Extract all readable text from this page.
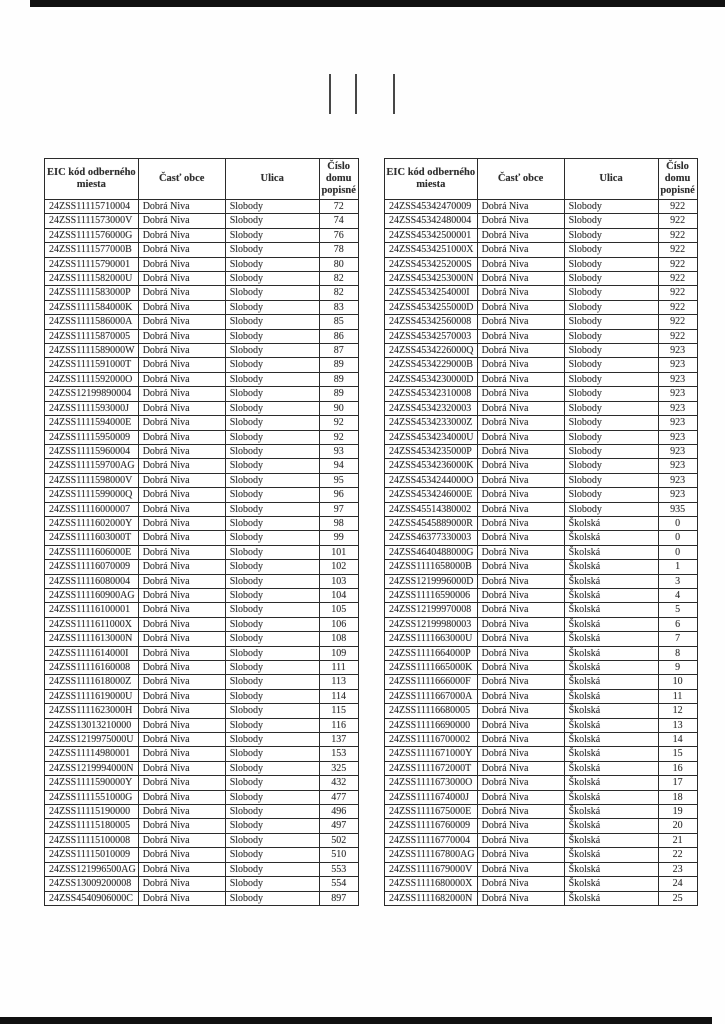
EIC kód odberného miesta	Časť obce	Ulica	Číslo domu popisné
24ZSS11115710004	Dobrá Niva	Slobody	72
24ZSS1111573000V	Dobrá Niva	Slobody	74
24ZSS1111576000G	Dobrá Niva	Slobody	76
24ZSS1111577000B	Dobrá Niva	Slobody	78
24ZSS11115790001	Dobrá Niva	Slobody	80
24ZSS1111582000U	Dobrá Niva	Slobody	82
24ZSS1111583000P	Dobrá Niva	Slobody	82
24ZSS1111584000K	Dobrá Niva	Slobody	83
24ZSS1111586000A	Dobrá Niva	Slobody	85
24ZSS11115870005	Dobrá Niva	Slobody	86
24ZSS1111589000W	Dobrá Niva	Slobody	87
24ZSS1111591000T	Dobrá Niva	Slobody	89
24ZSS1111592000O	Dobrá Niva	Slobody	89
24ZSS12199890004	Dobrá Niva	Slobody	89
24ZSS1111593000J	Dobrá Niva	Slobody	90
24ZSS1111594000E	Dobrá Niva	Slobody	92
24ZSS11115950009	Dobrá Niva	Slobody	92
24ZSS11115960004	Dobrá Niva	Slobody	93
24ZSS111159700AG	Dobrá Niva	Slobody	94
24ZSS1111598000V	Dobrá Niva	Slobody	95
24ZSS1111599000Q	Dobrá Niva	Slobody	96
24ZSS11116000007	Dobrá Niva	Slobody	97
24ZSS1111602000Y	Dobrá Niva	Slobody	98
24ZSS1111603000T	Dobrá Niva	Slobody	99
24ZSS1111606000E	Dobrá Niva	Slobody	101
24ZSS11116070009	Dobrá Niva	Slobody	102
24ZSS11116080004	Dobrá Niva	Slobody	103
24ZSS111160900AG	Dobrá Niva	Slobody	104
24ZSS11116100001	Dobrá Niva	Slobody	105
24ZSS1111611000X	Dobrá Niva	Slobody	106
24ZSS1111613000N	Dobrá Niva	Slobody	108
24ZSS1111614000I	Dobrá Niva	Slobody	109
24ZSS11116160008	Dobrá Niva	Slobody	111
24ZSS1111618000Z	Dobrá Niva	Slobody	113
24ZSS1111619000U	Dobrá Niva	Slobody	114
24ZSS1111623000H	Dobrá Niva	Slobody	115
24ZSS13013210000	Dobrá Niva	Slobody	116
24ZSS1219975000U	Dobrá Niva	Slobody	137
24ZSS11114980001	Dobrá Niva	Slobody	153
24ZSS1219994000N	Dobrá Niva	Slobody	325
24ZSS1111590000Y	Dobrá Niva	Slobody	432
24ZSS1111551000G	Dobrá Niva	Slobody	477
24ZSS11115190000	Dobrá Niva	Slobody	496
24ZSS11115180005	Dobrá Niva	Slobody	497
24ZSS11115100008	Dobrá Niva	Slobody	502
24ZSS11115010009	Dobrá Niva	Slobody	510
24ZSS121996500AG	Dobrá Niva	Slobody	553
24ZSS13009200008	Dobrá Niva	Slobody	554
24ZSS4540906000C	Dobrá Niva	Slobody	897
EIC kód odberného miesta	Časť obce	Ulica	Číslo domu popisné
24ZSS45342470009	Dobrá Niva	Slobody	922
24ZSS45342480004	Dobrá Niva	Slobody	922
24ZSS45342500001	Dobrá Niva	Slobody	922
24ZSS4534251000X	Dobrá Niva	Slobody	922
24ZSS4534252000S	Dobrá Niva	Slobody	922
24ZSS4534253000N	Dobrá Niva	Slobody	922
24ZSS4534254000I	Dobrá Niva	Slobody	922
24ZSS4534255000D	Dobrá Niva	Slobody	922
24ZSS45342560008	Dobrá Niva	Slobody	922
24ZSS45342570003	Dobrá Niva	Slobody	922
24ZSS4534226000Q	Dobrá Niva	Slobody	923
24ZSS4534229000B	Dobrá Niva	Slobody	923
24ZSS4534230000D	Dobrá Niva	Slobody	923
24ZSS45342310008	Dobrá Niva	Slobody	923
24ZSS45342320003	Dobrá Niva	Slobody	923
24ZSS4534233000Z	Dobrá Niva	Slobody	923
24ZSS4534234000U	Dobrá Niva	Slobody	923
24ZSS4534235000P	Dobrá Niva	Slobody	923
24ZSS4534236000K	Dobrá Niva	Slobody	923
24ZSS4534244000O	Dobrá Niva	Slobody	923
24ZSS4534246000E	Dobrá Niva	Slobody	923
24ZSS45514380002	Dobrá Niva	Slobody	935
24ZSS4545889000R	Dobrá Niva	Školská	0
24ZSS46377330003	Dobrá Niva	Školská	0
24ZSS4640488000G	Dobrá Niva	Školská	0
24ZSS1111658000B	Dobrá Niva	Školská	1
24ZSS1219996000D	Dobrá Niva	Školská	3
24ZSS11116590006	Dobrá Niva	Školská	4
24ZSS12199970008	Dobrá Niva	Školská	5
24ZSS12199980003	Dobrá Niva	Školská	6
24ZSS1111663000U	Dobrá Niva	Školská	7
24ZSS1111664000P	Dobrá Niva	Školská	8
24ZSS1111665000K	Dobrá Niva	Školská	9
24ZSS1111666000F	Dobrá Niva	Školská	10
24ZSS1111667000A	Dobrá Niva	Školská	11
24ZSS11116680005	Dobrá Niva	Školská	12
24ZSS11116690000	Dobrá Niva	Školská	13
24ZSS11116700002	Dobrá Niva	Školská	14
24ZSS1111671000Y	Dobrá Niva	Školská	15
24ZSS1111672000T	Dobrá Niva	Školská	16
24ZSS1111673000O	Dobrá Niva	Školská	17
24ZSS1111674000J	Dobrá Niva	Školská	18
24ZSS1111675000E	Dobrá Niva	Školská	19
24ZSS11116760009	Dobrá Niva	Školská	20
24ZSS11116770004	Dobrá Niva	Školská	21
24ZSS111167800AG	Dobrá Niva	Školská	22
24ZSS1111679000V	Dobrá Niva	Školská	23
24ZSS1111680000X	Dobrá Niva	Školská	24
24ZSS1111682000N	Dobrá Niva	Školská	25
